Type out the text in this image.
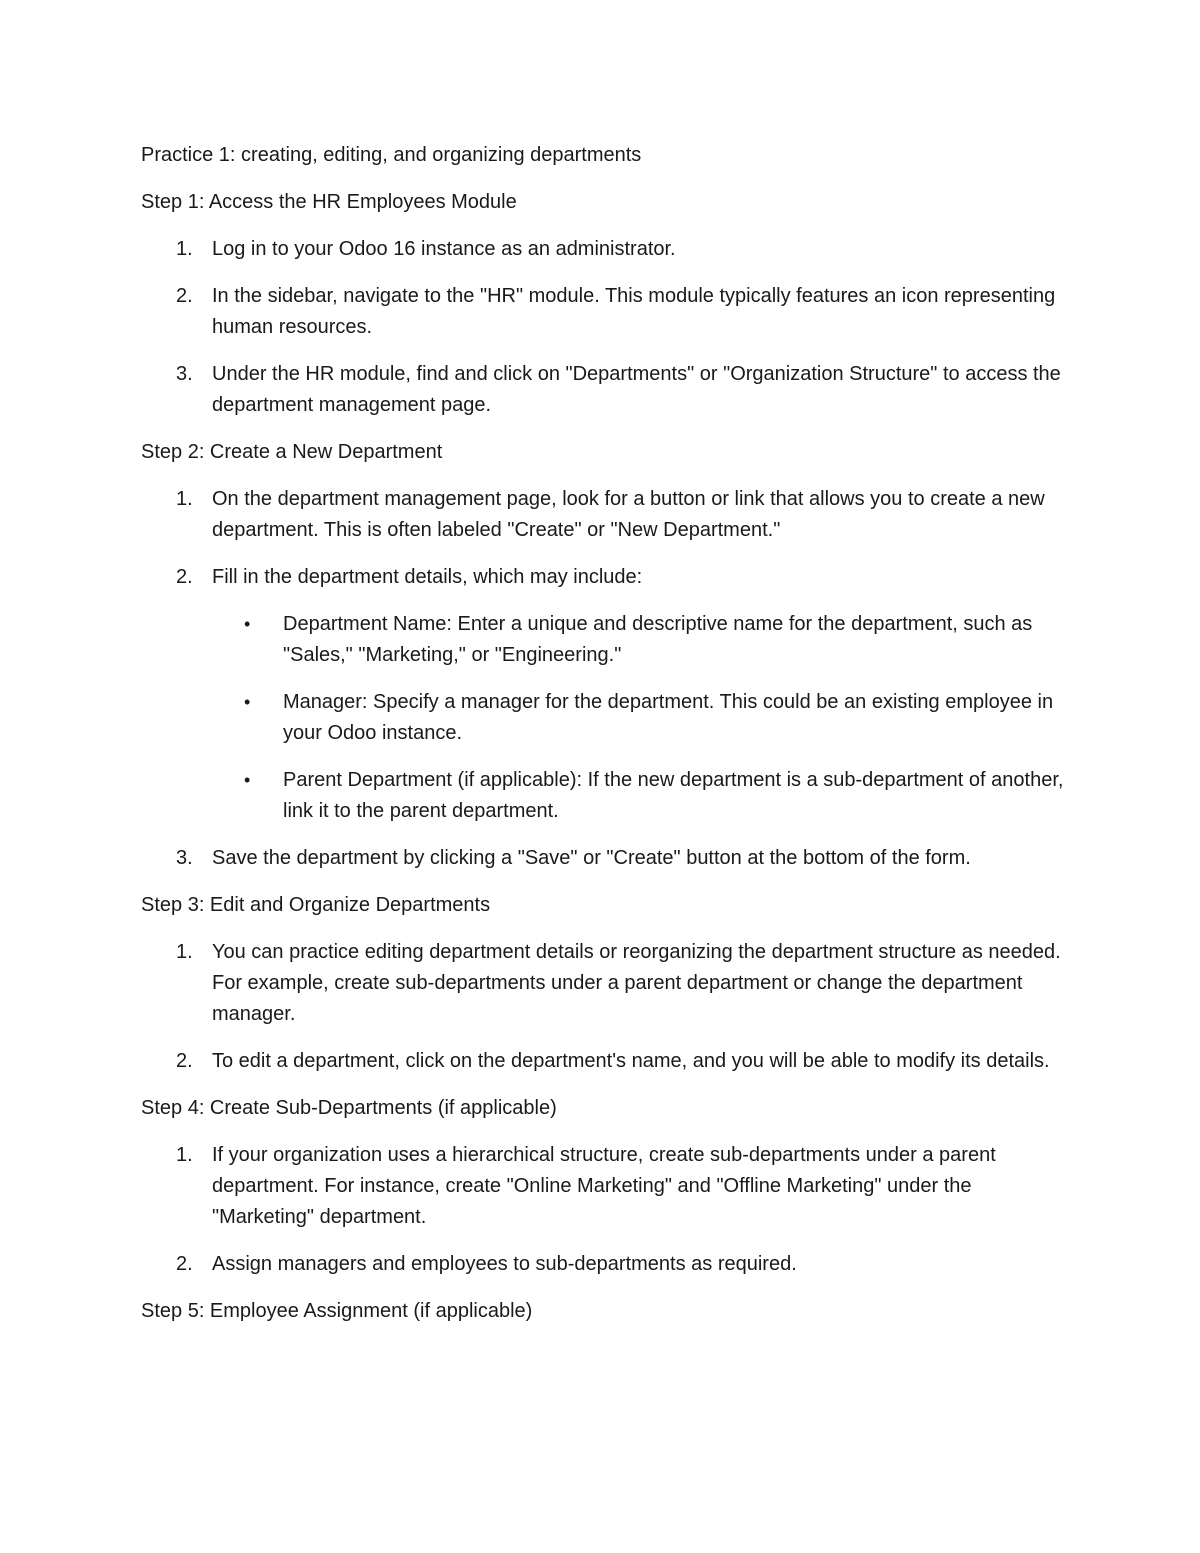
Practice 1: creating, editing, and organizing departments

Step 1: Access the HR Employees Module

1. Log in to your Odoo 16 instance as an administrator.
2. In the sidebar, navigate to the "HR" module. This module typically features an icon representing human resources.
3. Under the HR module, find and click on "Departments" or "Organization Structure" to access the department management page.

Step 2: Create a New Department

1. On the department management page, look for a button or link that allows you to create a new department. This is often labeled "Create" or "New Department."
2. Fill in the department details, which may include:
• Department Name: Enter a unique and descriptive name for the department, such as "Sales," "Marketing," or "Engineering."
• Manager: Specify a manager for the department. This could be an existing employee in your Odoo instance.
• Parent Department (if applicable): If the new department is a sub-department of another, link it to the parent department.
3. Save the department by clicking a "Save" or "Create" button at the bottom of the form.

Step 3: Edit and Organize Departments

1. You can practice editing department details or reorganizing the department structure as needed. For example, create sub-departments under a parent department or change the department manager.
2. To edit a department, click on the department's name, and you will be able to modify its details.

Step 4: Create Sub-Departments (if applicable)

1. If your organization uses a hierarchical structure, create sub-departments under a parent department. For instance, create "Online Marketing" and "Offline Marketing" under the "Marketing" department.
2. Assign managers and employees to sub-departments as required.

Step 5: Employee Assignment (if applicable)
